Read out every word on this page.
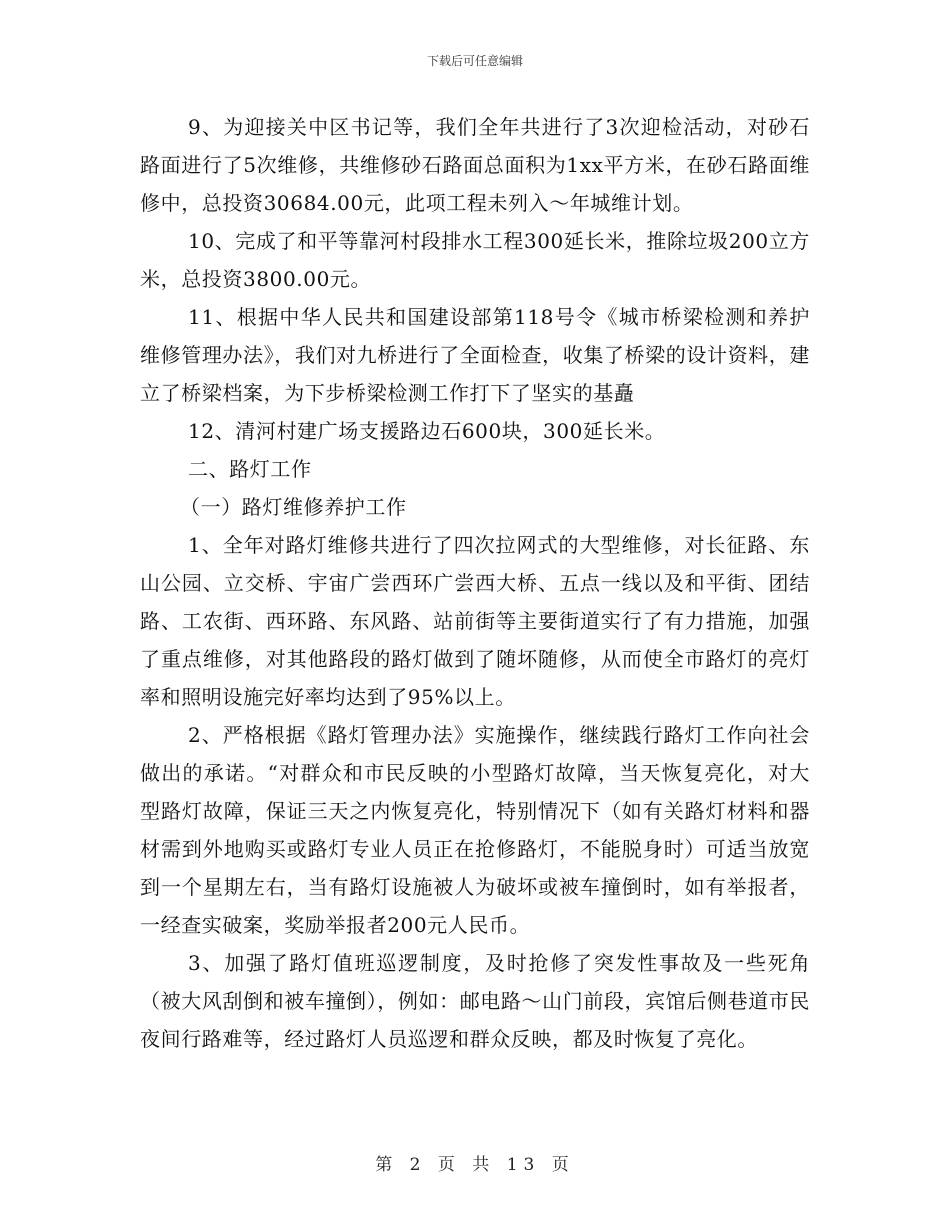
下载后可任意编辑

9、为迎接关中区书记等，我们全年共进行了3次迎检活动，对砂石路面进行了5次维修，共维修砂石路面总面积为1xx平方米，在砂石路面维修中，总投资30684.00元，此项工程未列入～年城维计划。

10、完成了和平等靠河村段排水工程300延长米，推除垃圾200立方米，总投资3800.00元。

11、根据中华人民共和国建设部第118号令《城市桥梁检测和养护维修管理办法》，我们对九桥进行了全面检查，收集了桥梁的设计资料，建立了桥梁档案，为下步桥梁检测工作打下了坚实的基矗

12、清河村建广场支援路边石600块，300延长米。

二、路灯工作

（一）路灯维修养护工作

1、全年对路灯维修共进行了四次拉网式的大型维修，对长征路、东山公园、立交桥、宇宙广尝西环广尝西大桥、五点一线以及和平街、团结路、工农街、西环路、东风路、站前街等主要街道实行了有力措施，加强了重点维修，对其他路段的路灯做到了随坏随修，从而使全市路灯的亮灯率和照明设施完好率均达到了95%以上。

2、严格根据《路灯管理办法》实施操作，继续践行路灯工作向社会做出的承诺。“对群众和市民反映的小型路灯故障，当天恢复亮化，对大型路灯故障，保证三天之内恢复亮化，特别情况下（如有关路灯材料和器材需到外地购买或路灯专业人员正在抢修路灯，不能脱身时）可适当放宽到一个星期左右，当有路灯设施被人为破坏或被车撞倒时，如有举报者，一经查实破案，奖励举报者200元人民币。

3、加强了路灯值班巡逻制度，及时抢修了突发性事故及一些死角（被大风刮倒和被车撞倒），例如：邮电路～山门前段，宾馆后侧巷道市民夜间行路难等，经过路灯人员巡逻和群众反映，都及时恢复了亮化。

第 2 页 共 13 页
